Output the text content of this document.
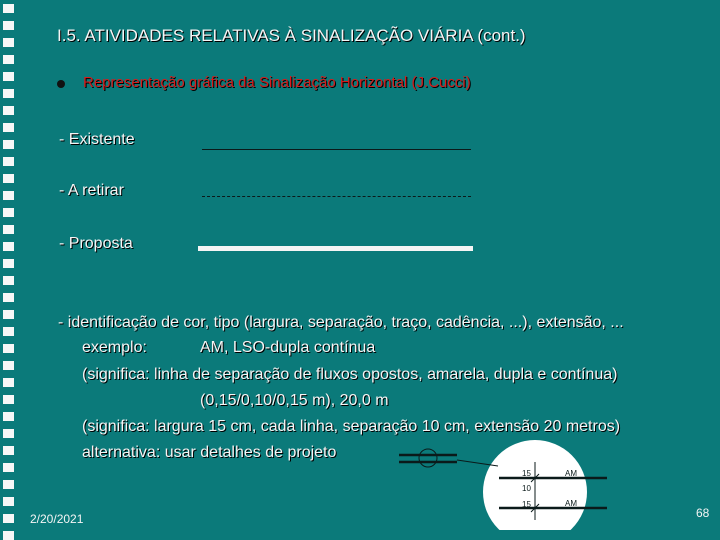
I.5. ATIVIDADES RELATIVAS À SINALIZAÇÃO VIÁRIA (cont.)
Representação gráfica da Sinalização Horizontal (J.Cucci)
- Existente
- A retirar
- Proposta
- identificação de cor, tipo (largura, separação, traço, cadência, ...), extensão, ...
exemplo:	AM, LSO-dupla contínua
(significa: linha de separação de fluxos opostos, amarela, dupla e contínua)
(0,15/0,10/0,15 m), 20,0 m
(significa: largura 15 cm, cada linha, separação 10 cm, extensão 20 metros)
alternativa: usar detalhes de projeto
15
10
15
AM
AM
2/20/2021	68
